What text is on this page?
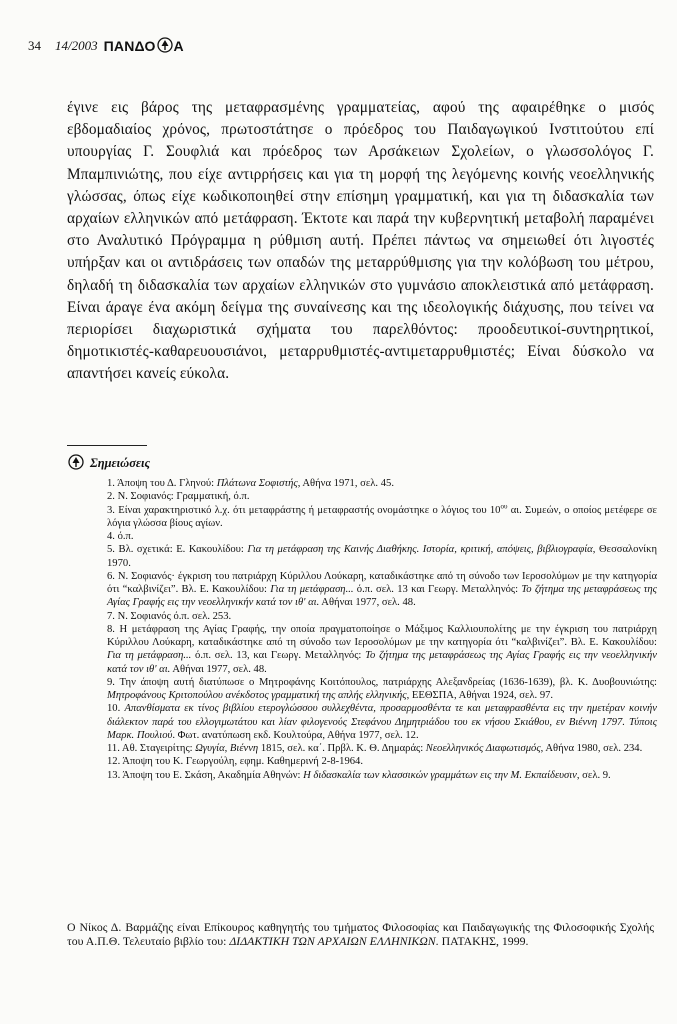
34 14/2003 ΠΑΝΔΟ Α

έγινε εις βάρος της μεταφρασμένης γραμματείας, αφού της αφαιρέθηκε ο μισός εβδομαδιαίος χρόνος, πρωτοστάτησε ο πρόεδρος του Παιδαγωγικού Ινστιτούτου επί υπουργίας Γ. Σουφλιά και πρόεδρος των Αρσάκειων Σχολείων, ο γλωσσολόγος Γ. Μπαμπινιώτης, που είχε αντιρρήσεις και για τη μορφή της λεγόμενης κοινής νεοελληνικής γλώσσας, όπως είχε κωδικοποιηθεί στην επίσημη γραμματική, και για τη διδασκαλία των αρχαίων ελληνικών από μετάφραση. Έκτοτε και παρά την κυβερνητική μεταβολή παραμένει στο Αναλυτικό Πρόγραμμα η ρύθμιση αυτή. Πρέπει πάντως να σημειωθεί ότι λιγοστές υπήρξαν και οι αντιδράσεις των οπαδών της μεταρρύθμισης για την κολόβωση του μέτρου, δηλαδή τη διδασκαλία των αρχαίων ελληνικών στο γυμνάσιο αποκλειστικά από μετάφραση. Είναι άραγε ένα ακόμη δείγμα της συναίνεσης και της ιδεολογικής διάχυσης, που τείνει να περιορίσει διαχωριστικά σχήματα του παρελθόντος: προοδευτικοί-συντηρητικοί, δημοτικιστές-καθαρευουσιάνοι, μεταρρυθμιστές-αντιμεταρρυθμιστές; Είναι δύσκολο να απαντήσει κανείς εύκολα.

Σημειώσεις

1. Άποψη του Δ. Γληνού: Πλάτωνα Σοφιστής, Αθήνα 1971, σελ. 45.

2. Ν. Σοφιανός: Γραμματική, ό.π.

3. Είναι χαρακτηριστικό λ.χ. ότι μεταφράστης ή μεταφραστής ονομάστηκε ο λόγιος του $10^{o\upsilon}$ αι. Συμεών, ο οποίος μετέφερε σε λόγια γλώσσα βίους αγίων.

4. ό.π.

5. Βλ. σχετικά: Ε. Κακουλίδου: Για τη μετάφραση της Καινής Διαθήκης. Ιστορία, κριτική, απόψεις, βιβλιογραφία, Θεσσαλονίκη 1970.

6. Ν. Σοφιανός· έγκριση του πατριάρχη Κύριλλου Λούκαρη, καταδικάστηκε από τη σύνοδο των Ιεροσολύμων με την κατηγορία ότι “καλβινίζει”. Βλ. Ε. Κακουλίδου: Για τη μετάφραση... ό.π. σελ. 13 και Γεωργ. Μεταλληνός: Το ζήτημα της μεταφράσεως της Αγίας Γραφής εις την νεοελληνικήν κατά τον ιθ' αι. Αθήναι 1977, σελ. 48.

7. Ν. Σοφιανός ό.π. σελ. 253.

8. Η μετάφραση της Αγίας Γραφής, την οποία πραγματοποίησε ο Μάξιμος Καλλιουπολίτης με την έγκριση του πατριάρχη Κύριλλου Λούκαρη, καταδικάστηκε από τη σύνοδο των Ιεροσολύμων με την κατηγορία ότι “καλβινίζει”. Βλ. Ε. Κακουλίδου: Για τη μετάφραση... ό.π. σελ. 13, και Γεωργ. Μεταλληνός: Το ζήτημα της μεταφράσεως της Αγίας Γραφής εις την νεοελληνικήν κατά τον ιθ' αι. Αθήναι 1977, σελ. 48.

9. Την άποψη αυτή διατύπωσε ο Μητροφάνης Κοιτόπουλος, πατριάρχης Αλεξανδρείας (1636-1639), βλ. Κ. Δυοβουνιώτης: Μητροφάνους Κριτοπούλου ανέκδοτος γραμματική της απλής ελληνικής, ΕΕΘΣΠΑ, Αθήναι 1924, σελ. 97.

10. Απανθίσματα εκ τίνος βιβλίου ετερογλώσσου συλλεχθέντα, προσαρμοσθέντα τε και μεταφρασθέντα εις την ημετέραν κοινήν διάλεκτον παρά του ελλογιμωτάτου και λίαν φιλογενούς Στεφάνου Δημητριάδου του εκ νήσου Σκιάθου, εν Βιέννη 1797. Τύποις Μαρκ. Πουλιού. Φωτ. ανατύπωση εκδ. Κουλτούρα, Αθήνα 1977, σελ. 12.

11. Αθ. Σταγειρίτης: Ωγυγία, Βιέννη 1815, σελ. κα΄. Πρβλ. Κ. Θ. Δημαράς: Νεοελληνικός Διαφωτισμός, Αθήνα 1980, σελ. 234.

12. Άποψη του Κ. Γεωργούλη, εφημ. Καθημερινή 2-8-1964.

13. Άποψη του Ε. Σκάση, Ακαδημία Αθηνών: Η διδασκαλία των κλασσικών γραμμάτων εις την Μ. Εκπαίδευσιν, σελ. 9.

Ο Νίκος Δ. Βαρμάζης είναι Επίκουρος καθηγητής του τμήματος Φιλοσοφίας και Παιδαγωγικής της Φιλοσοφικής Σχολής του Α.Π.Θ. Τελευταίο βιβλίο του: ΔΙΔΑΚΤΙΚΗ ΤΩΝ ΑΡΧΑΙΩΝ ΕΛΛΗΝΙΚΩΝ. ΠΑΤΑΚΗΣ, 1999.
